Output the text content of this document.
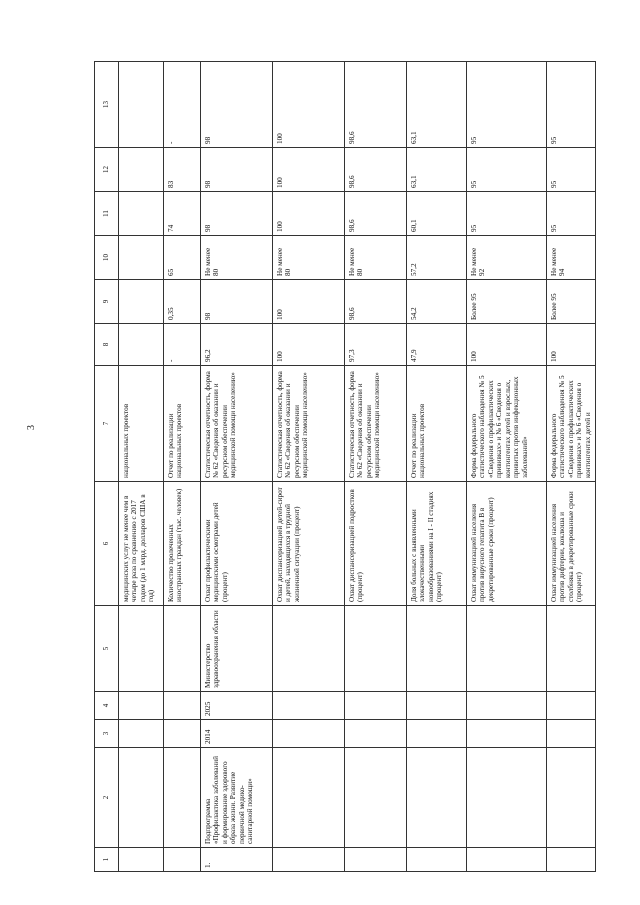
3
1	2	3	4	5	6	7	8	9	10	11	12	13
					медицинских услуг не менее чем в четыре раза по сравнению с 2017 годом (до 1 млрд. долларов США в год)	национальных проектов						
					Количество пролеченных иностранных граждан (тыс. человек)	Отчет по реализации национальных проектов	-	0,35	65	74	83	-
1.	Подпрограмма «Профилактика заболеваний и формирование здорового образа жизни. Развитие первичной медико-санитарной помощи»	2014	2025	Министерство здравоохранения области	Охват профилактическими медицинскими осмотрами детей (процент)	Статистическая отчетность, форма № 62 «Сведения об оказании и ресурсном обеспечении медицинской помощи населению»	96,2	98	Не менее 80	98	98	98
					Охват диспансеризацией детей-сирот и детей, находящихся в трудной жизненной ситуации (процент)	Статистическая отчетность, форма № 62 «Сведения об оказании и ресурсном обеспечении медицинской помощи населению»	100	100	Не менее 80	100	100	100
					Охват диспансеризацией подростков (процент)	Статистическая отчетность, форма № 62 «Сведения об оказании и ресурсном обеспечении медицинской помощи населению»	97,3	98,6	Не менее 80	98,6	98,6	98,6
					Доля больных с выявленными злокачественными новообразованиями на I - II стадиях (процент)	Отчет по реализации национальных проектов	47,9	54,2	57,2	60,1	63,1	63,1
					Охват иммунизацией населения против вирусного гепатита В в декретированные сроки (процент)	Форма федерального статистического наблюдения № 5 «Сведения о профилактических прививках» и № 6 «Сведения о контингентах детей и взрослых, привитых против инфекционных заболеваний»	100	Более 95	Не менее 92	95	95	95
					Охват иммунизацией населения против дифтерии, коклюша и столбняка в декретированные сроки (процент)	Форма федерального статистического наблюдения № 5 «Сведения о профилактических прививках» и № 6 «Сведения о контингентах детей и	100	Более 95	Не менее 94	95	95	95
